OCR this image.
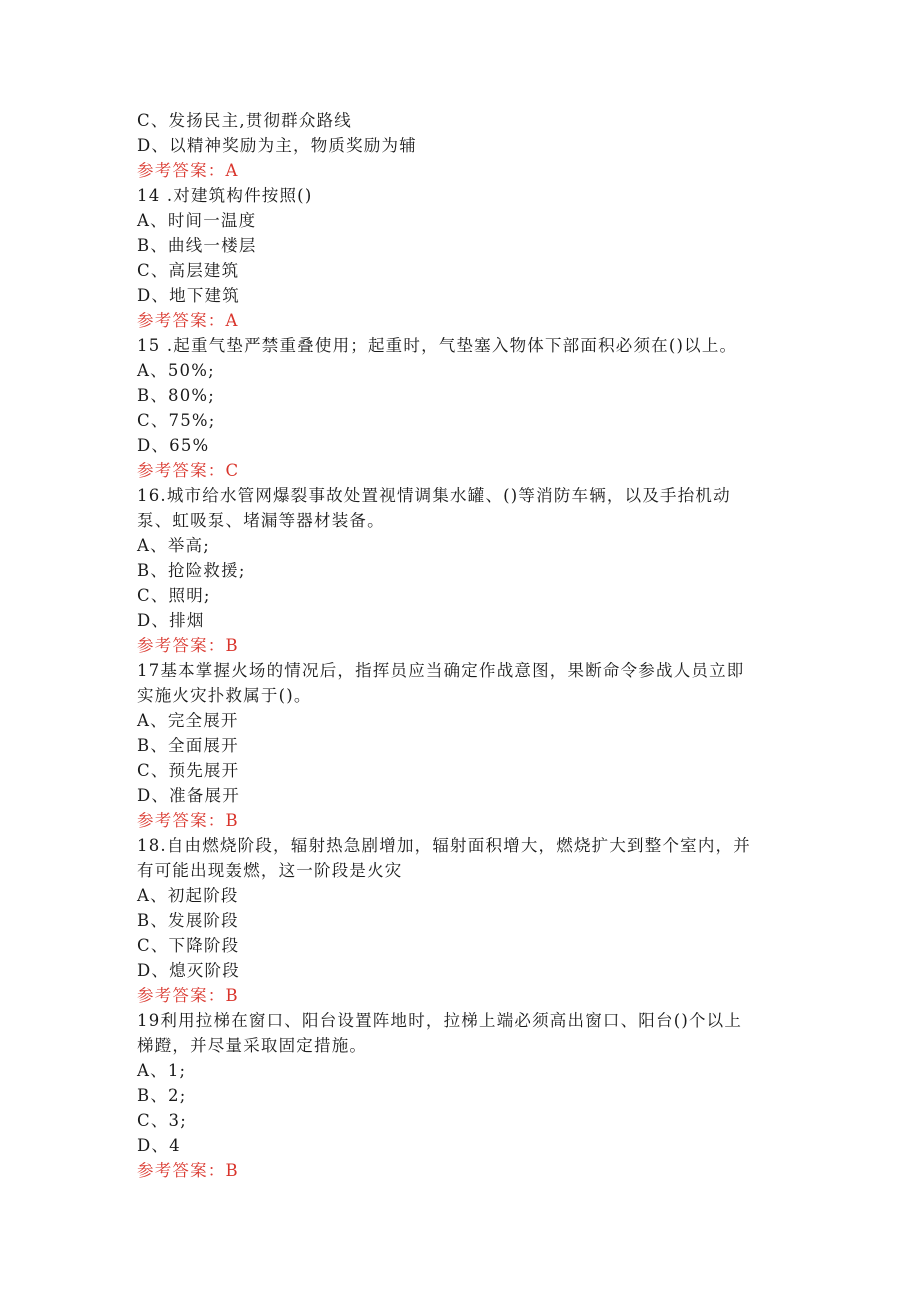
C、发扬民主,贯彻群众路线
D、以精神奖励为主，物质奖励为辅
参考答案：A
14 .对建筑构件按照()
A、时间一温度
B、曲线一楼层
C、高层建筑
D、地下建筑
参考答案：A
15 .起重气垫严禁重叠使用；起重时，气垫塞入物体下部面积必须在()以上。
A、50%;
B、80%;
C、75%;
D、65%
参考答案：C
16.城市给水管网爆裂事故处置视情调集水罐、()等消防车辆，以及手抬机动
泵、虹吸泵、堵漏等器材装备。
A、举高;
B、抢险救援;
C、照明;
D、排烟
参考答案：B
17基本掌握火场的情况后，指挥员应当确定作战意图，果断命令参战人员立即
实施火灾扑救属于()。
A、完全展开
B、全面展开
C、预先展开
D、准备展开
参考答案：B
18.自由燃烧阶段，辐射热急剧增加，辐射面积增大，燃烧扩大到整个室内，并
有可能出现轰燃，这一阶段是火灾
A、初起阶段
B、发展阶段
C、下降阶段
D、熄灭阶段
参考答案：B
19利用拉梯在窗口、阳台设置阵地时，拉梯上端必须高出窗口、阳台()个以上
梯蹬，并尽量采取固定措施。
A、1;
B、2;
C、3;
D、4
参考答案：B
